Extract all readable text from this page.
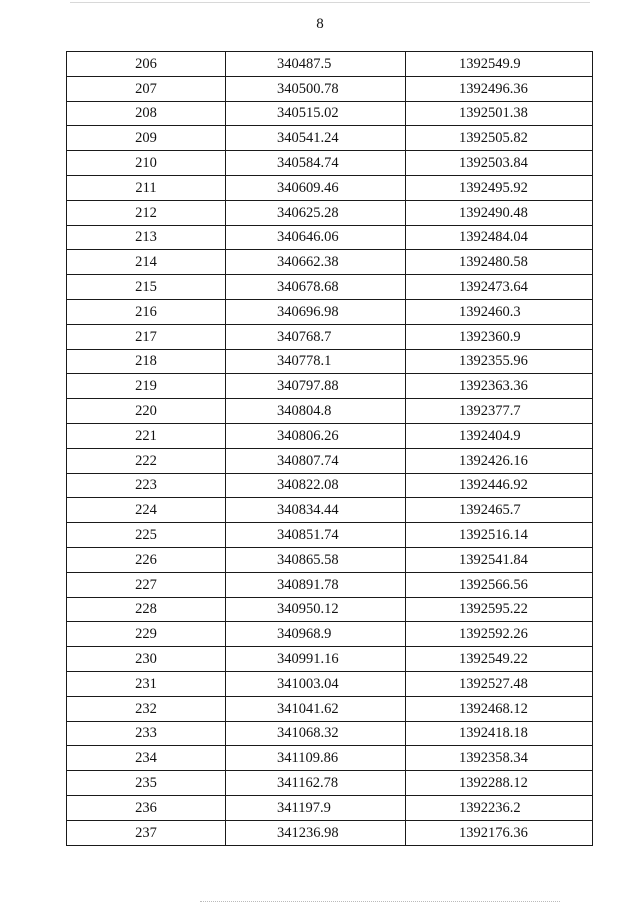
8
206	340487.5	1392549.9
207	340500.78	1392496.36
208	340515.02	1392501.38
209	340541.24	1392505.82
210	340584.74	1392503.84
211	340609.46	1392495.92
212	340625.28	1392490.48
213	340646.06	1392484.04
214	340662.38	1392480.58
215	340678.68	1392473.64
216	340696.98	1392460.3
217	340768.7	1392360.9
218	340778.1	1392355.96
219	340797.88	1392363.36
220	340804.8	1392377.7
221	340806.26	1392404.9
222	340807.74	1392426.16
223	340822.08	1392446.92
224	340834.44	1392465.7
225	340851.74	1392516.14
226	340865.58	1392541.84
227	340891.78	1392566.56
228	340950.12	1392595.22
229	340968.9	1392592.26
230	340991.16	1392549.22
231	341003.04	1392527.48
232	341041.62	1392468.12
233	341068.32	1392418.18
234	341109.86	1392358.34
235	341162.78	1392288.12
236	341197.9	1392236.2
237	341236.98	1392176.36
